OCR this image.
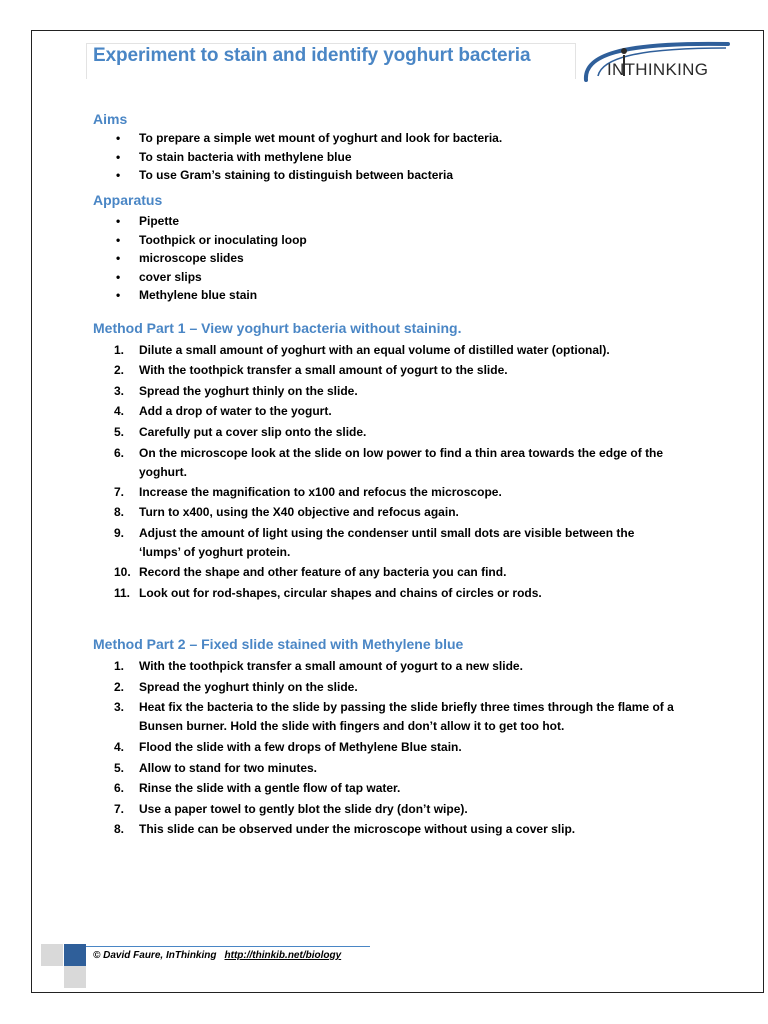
Experiment to stain and identify yoghurt bacteria
INTHINKING
Aims
• To prepare a simple wet mount of yoghurt and look for bacteria.
• To stain bacteria with methylene blue
• To use Gram’s staining to distinguish between bacteria
Apparatus
• Pipette
• Toothpick or inoculating loop
• microscope slides
• cover slips
• Methylene blue stain
Method Part 1 – View yoghurt bacteria without staining.
1.	Dilute a small amount of yoghurt with an equal volume of distilled water (optional).
2.	With the toothpick transfer a small amount of yogurt to the slide.
3.	Spread the yoghurt thinly on the slide.
4.	Add a drop of water to the yogurt.
5.	Carefully put a cover slip onto the slide.
6.	On the microscope look at the slide on low power to find a thin area towards the edge of the yoghurt.
7.	Increase the magnification to x100 and refocus the microscope.
8.	Turn to x400, using the X40 objective and refocus again.
9.	Adjust the amount of light using the condenser until small dots are visible between the ‘lumps’ of yoghurt protein.
10. Record the shape and other feature of any bacteria you can find.
11. Look out for rod-shapes, circular shapes and chains of circles or rods.
Method Part 2 – Fixed slide stained with Methylene blue
1.	With the toothpick transfer a small amount of yogurt to a new slide.
2.	Spread the yoghurt thinly on the slide.
3.	Heat fix the bacteria to the slide by passing the slide briefly three times through the flame of a Bunsen burner. Hold the slide with fingers and don’t allow it to get too hot.
4.	Flood the slide with a few drops of Methylene Blue stain.
5.	Allow to stand for two minutes.
6.	Rinse the slide with a gentle flow of tap water.
7.	Use a paper towel to gently blot the slide dry (don’t wipe).
8.	This slide can be observed under the microscope without using a cover slip.
© David Faure, InThinking http://thinkib.net/biology
